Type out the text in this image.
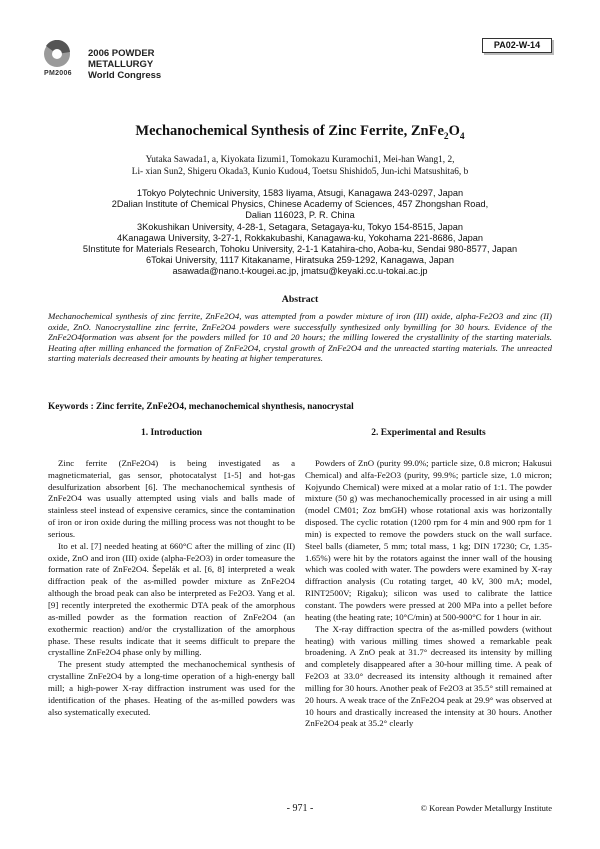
PM2006
2006 POWDER METALLURGY
World Congress
PA02-W-14
Mechanochemical Synthesis of Zinc Ferrite, $ZnFe_2O_4$
Yutaka Sawada1, a, Kiyokata Iizumi1, Tomokazu Kuramochi1, Mei-han Wang1, 2,
Li- xian Sun2, Shigeru Okada3, Kunio Kudou4, Toetsu Shishido5, Jun-ichi Matsushita6, b
1Tokyo Polytechnic University, 1583 Iiyama, Atsugi, Kanagawa 243-0297, Japan
2Dalian Institute of Chemical Physics, Chinese Academy of Sciences, 457 Zhongshan Road,
Dalian 116023, P. R. China
3Kokushikan University, 4-28-1, Setagara, Setagaya-ku, Tokyo 154-8515, Japan
4Kanagawa University, 3-27-1, Rokkakubashi, Kanagawa-ku, Yokohama 221-8686, Japan
5Institute for Materials Research, Tohoku University, 2-1-1 Katahira-cho, Aoba-ku, Sendai 980-8577, Japan
6Tokai University, 1117 Kitakaname, Hiratsuka 259-1292, Kanagawa, Japan
asawada@nano.t-kougei.ac.jp, jmatsu@keyaki.cc.u-tokai.ac.jp
Abstract
Mechanochemical synthesis of zinc ferrite, ZnFe2O4, was attempted from a powder mixture of iron (III) oxide, alpha-Fe2O3 and zinc (II) oxide, ZnO. Nanocrystalline zinc ferrite, ZnFe2O4 powders were successfully synthesized only bymilling for 30 hours. Evidence of the ZnFe2O4formation was absent for the powders milled for 10 and 20 hours; the milling lowered the crystallinity of the starting materials. Heating after milling enhanced the formation of ZnFe2O4, crystal growth of ZnFe2O4 and the unreacted starting materials. The unreacted starting materials decreased their amounts by heating at higher temperatures.
Keywords : Zinc ferrite, ZnFe2O4, mechanochemical shynthesis, nanocrystal
1. Introduction

Zinc ferrite (ZnFe2O4) is being investigated as a magneticmaterial, gas sensor, photocatalyst [1-5] and hot-gas desulfurization absorbent [6]. The mechanochemical synthesis of ZnFe2O4 was usually attempted using vials and balls made of stainless steel instead of expensive ceramics, since the contamination of iron or iron oxide during the milling process was not thought to be serious.

Ito et al. [7] needed heating at 660°C after the milling of zinc (II) oxide, ZnO and iron (III) oxide (alpha-Fe2O3) in order tomeasure the formation rate of ZnFe2O4. Šepelák et al. [6, 8] interpreted a weak diffraction peak of the as-milled powder mixture as ZnFe2O4 although the broad peak can also be interpreted as Fe2O3. Yang et al. [9] recently interpreted the exothermic DTA peak of the amorphous as-milled powder as the formation reaction of ZnFe2O4 (an exothermic reaction) and/or the crystallization of the amorphous phase. These results indicate that it seems difficult to prepare the crystalline ZnFe2O4 phase only by milling.

The present study attempted the mechanochemical synthesis of crystalline ZnFe2O4 by a long-time operation of a high-energy ball mill; a high-power X-ray diffraction instrument was used for the identification of the phases. Heating of the as-milled powders was also systematically executed.

2. Experimental and Results

Powders of ZnO (purity 99.0%; particle size, 0.8 micron; Hakusui Chemical) and alfa-Fe2O3 (purity, 99.9%; particle size, 1.0 micron; Kojyundo Chemical) were mixed at a molar ratio of 1:1. The powder mixture (50 g) was mechanochemically processed in air using a mill (model CM01; Zoz bmGH) whose rotational axis was horizontally disposed. The cyclic rotation (1200 rpm for 4 min and 900 rpm for 1 min) is expected to remove the powders stuck on the wall surface. Steel balls (diameter, 5 mm; total mass, 1 kg; DIN 17230; Cr, 1.35-1.65%) were hit by the rotators against the inner wall of the housing which was cooled with water. The powders were examined by X-ray diffraction analysis (Cu rotating target, 40 kV, 300 mA; model, RINT2500V; Rigaku); silicon was used to calibrate the lattice constant. The powders were pressed at 200 MPa into a pellet before heating (the heating rate; 10°C/min) at 500-900°C for 1 hour in air.

The X-ray diffraction spectra of the as-milled powders (without heating) with various milling times showed a remarkable peak broadening. A ZnO peak at 31.7° decreased its intensity by milling and completely disappeared after a 30-hour milling time. A peak of Fe2O3 at 33.0° decreased its intensity although it remained after milling for 30 hours. Another peak of Fe2O3 at 35.5° still remained at 20 hours. A weak trace of the ZnFe2O4 peak at 29.9° was observed at 10 hours and drastically increased the intensity at 30 hours. Another ZnFe2O4 peak at 35.2° clearly

- 971 -	© Korean Powder Metallurgy Institute
